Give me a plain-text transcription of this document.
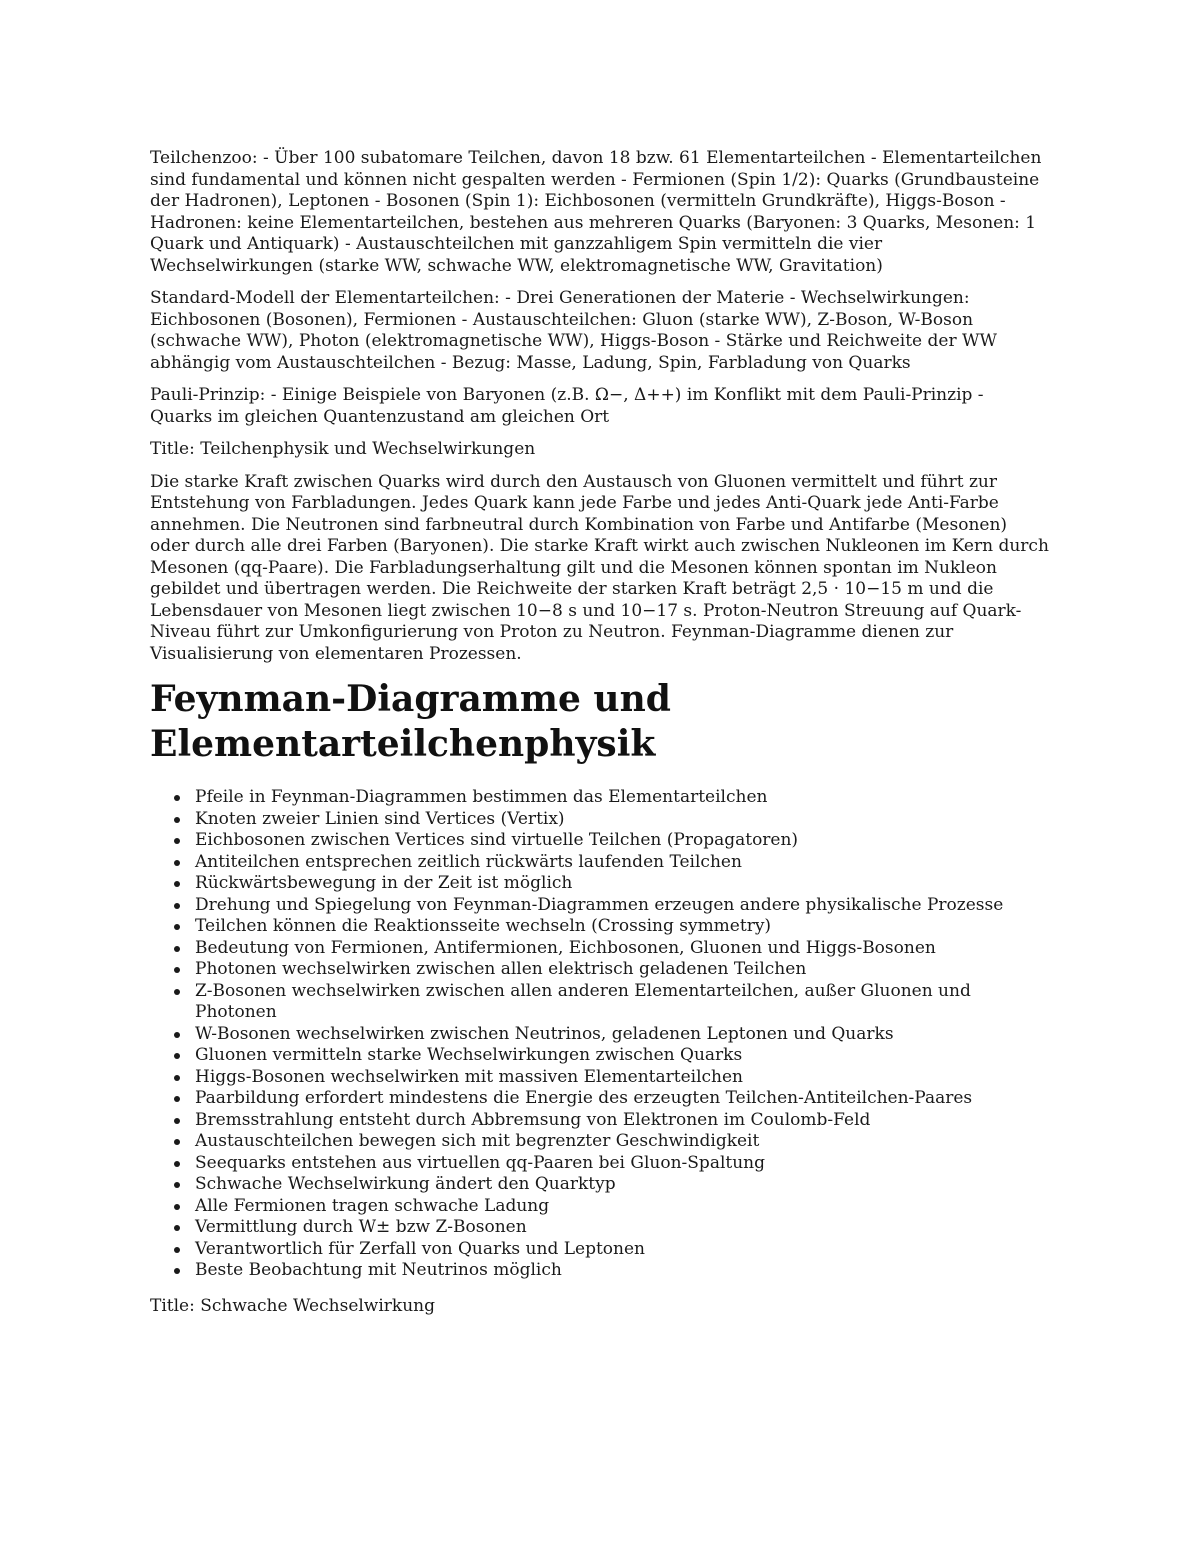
Teilchenzoo: - Über 100 subatomare Teilchen, davon 18 bzw. 61 Elementarteilchen - Elementarteilchen sind fundamental und können nicht gespalten werden - Fermionen (Spin 1/2): Quarks (Grundbausteine der Hadronen), Leptonen - Bosonen (Spin 1): Eichbosonen (vermitteln Grundkräfte), Higgs-Boson - Hadronen: keine Elementarteilchen, bestehen aus mehreren Quarks (Baryonen: 3 Quarks, Mesonen: 1 Quark und Antiquark) - Austauschteilchen mit ganzzahligem Spin vermitteln die vier Wechselwirkungen (starke WW, schwache WW, elektromagnetische WW, Gravitation)

Standard-Modell der Elementarteilchen: - Drei Generationen der Materie - Wechselwirkungen: Eichbosonen (Bosonen), Fermionen - Austauschteilchen: Gluon (starke WW), Z-Boson, W-Boson (schwache WW), Photon (elektromagnetische WW), Higgs-Boson - Stärke und Reichweite der WW abhängig vom Austauschteilchen - Bezug: Masse, Ladung, Spin, Farbladung von Quarks

Pauli-Prinzip: - Einige Beispiele von Baryonen (z.B. Ω−, Δ++) im Konflikt mit dem Pauli-Prinzip - Quarks im gleichen Quantenzustand am gleichen Ort

Title: Teilchenphysik und Wechselwirkungen

Die starke Kraft zwischen Quarks wird durch den Austausch von Gluonen vermittelt und führt zur Entstehung von Farbladungen. Jedes Quark kann jede Farbe und jedes Anti-Quark jede Anti-Farbe annehmen. Die Neutronen sind farbneutral durch Kombination von Farbe und Antifarbe (Mesonen) oder durch alle drei Farben (Baryonen). Die starke Kraft wirkt auch zwischen Nukleonen im Kern durch Mesonen (qq-Paare). Die Farbladungserhaltung gilt und die Mesonen können spontan im Nukleon gebildet und übertragen werden. Die Reichweite der starken Kraft beträgt 2,5 · 10−15 m und die Lebensdauer von Mesonen liegt zwischen 10−8 s und 10−17 s. Proton-Neutron Streuung auf Quark-Niveau führt zur Umkonfigurierung von Proton zu Neutron. Feynman-Diagramme dienen zur Visualisierung von elementaren Prozessen.

Feynman-Diagramme und Elementarteilchenphysik
Pfeile in Feynman-Diagrammen bestimmen das Elementarteilchen
Knoten zweier Linien sind Vertices (Vertix)
Eichbosonen zwischen Vertices sind virtuelle Teilchen (Propagatoren)
Antiteilchen entsprechen zeitlich rückwärts laufenden Teilchen
Rückwärtsbewegung in der Zeit ist möglich
Drehung und Spiegelung von Feynman-Diagrammen erzeugen andere physikalische Prozesse
Teilchen können die Reaktionsseite wechseln (Crossing symmetry)
Bedeutung von Fermionen, Antifermionen, Eichbosonen, Gluonen und Higgs-Bosonen
Photonen wechselwirken zwischen allen elektrisch geladenen Teilchen
Z-Bosonen wechselwirken zwischen allen anderen Elementarteilchen, außer Gluonen und Photonen
W-Bosonen wechselwirken zwischen Neutrinos, geladenen Leptonen und Quarks
Gluonen vermitteln starke Wechselwirkungen zwischen Quarks
Higgs-Bosonen wechselwirken mit massiven Elementarteilchen
Paarbildung erfordert mindestens die Energie des erzeugten Teilchen-Antiteilchen-Paares
Bremsstrahlung entsteht durch Abbremsung von Elektronen im Coulomb-Feld
Austauschteilchen bewegen sich mit begrenzter Geschwindigkeit
Seequarks entstehen aus virtuellen qq-Paaren bei Gluon-Spaltung
Schwache Wechselwirkung ändert den Quarktyp
Alle Fermionen tragen schwache Ladung
Vermittlung durch W± bzw Z-Bosonen
Verantwortlich für Zerfall von Quarks und Leptonen
Beste Beobachtung mit Neutrinos möglich

Title: Schwache Wechselwirkung
